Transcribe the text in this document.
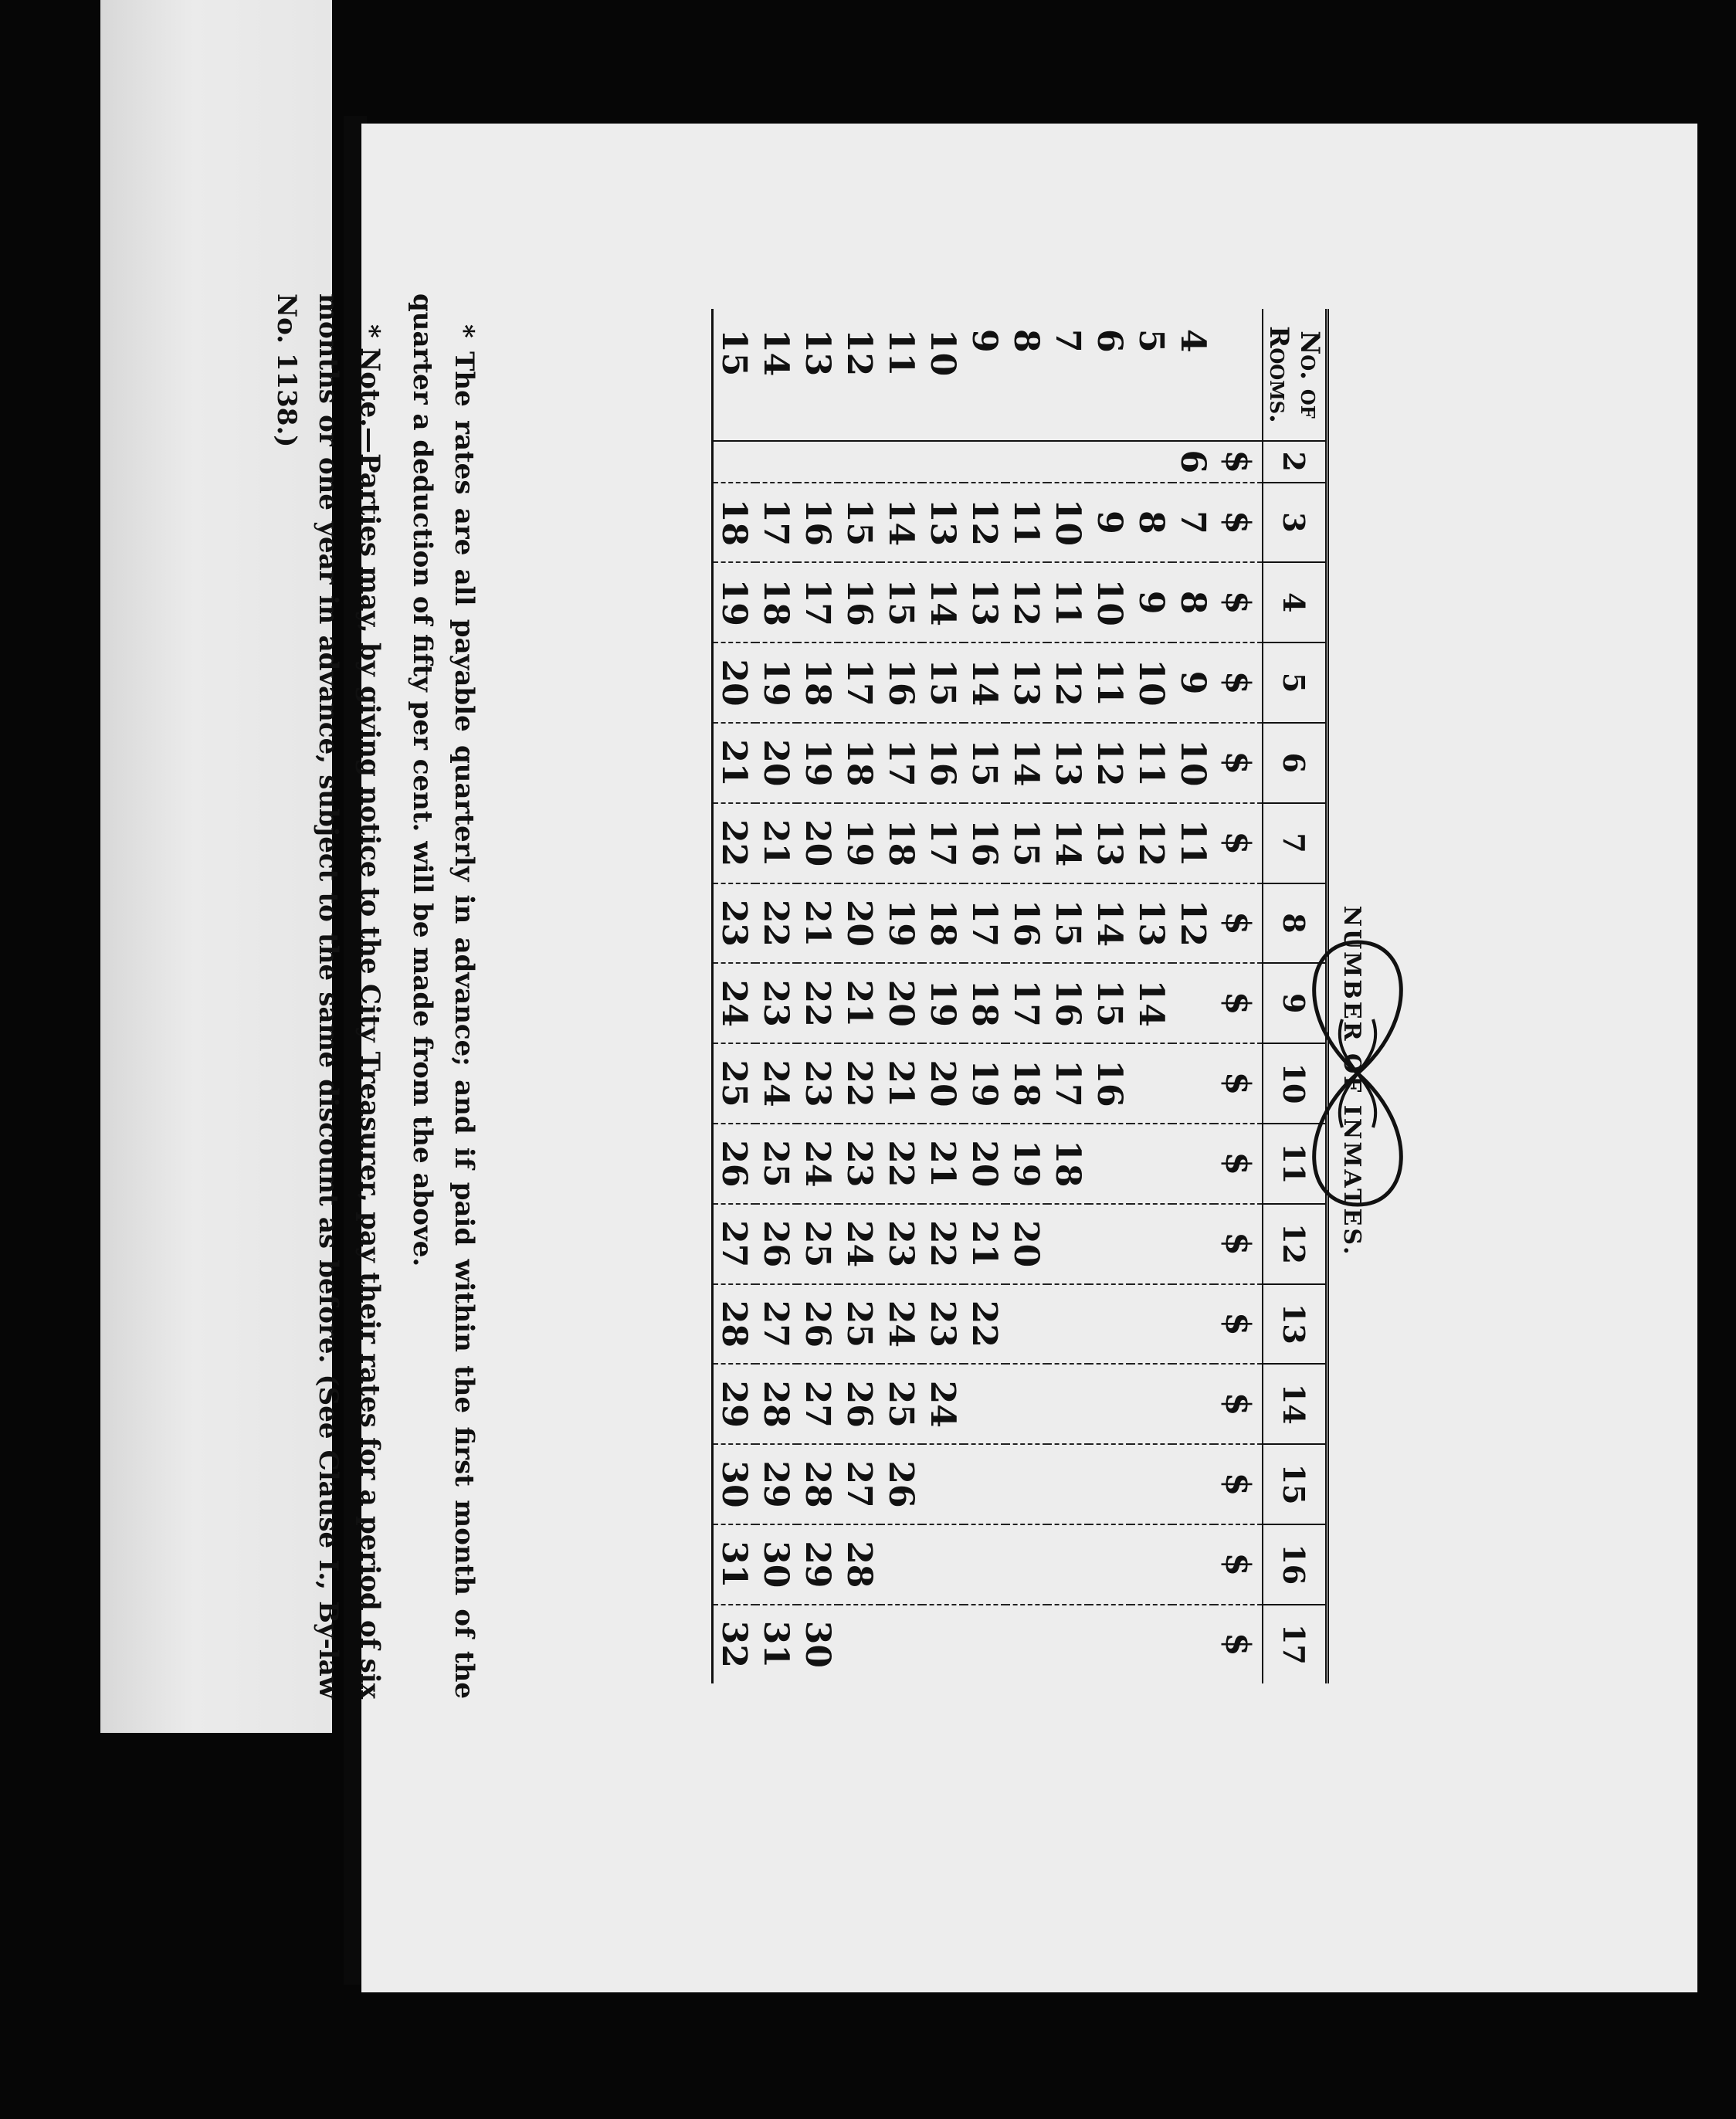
NUMBER OF INMATES.
No. of Rooms.	2	3	4	5	6	7	8	9	10	11	12	13	14	15	16	17
	$	$	$	$	$	$	$	$	$	$	$	$	$	$	$	$
4	6	7	8	9	10	11	12									
5		8	9	10	11	12	13	14								
6		9	10	11	12	13	14	15	16							
7		10	11	12	13	14	15	16	17	18						
8		11	12	13	14	15	16	17	18	19	20					
9		12	13	14	15	16	17	18	19	20	21	22				
10		13	14	15	16	17	18	19	20	21	22	23	24			
11		14	15	16	17	18	19	20	21	22	23	24	25	26		
12		15	16	17	18	19	20	21	22	23	24	25	26	27	28	
13		16	17	18	19	20	21	22	23	24	25	26	27	28	29	30
14		17	18	19	20	21	22	23	24	25	26	27	28	29	30	31
15		18	19	20	21	22	23	24	25	26	27	28	29	30	31	32

* The rates are all payable quarterly in advance; and if paid within the first month of the quarter a deduction of fifty per cent. will be made from the above.

* Note.—Parties may, by giving notice to the City Treasurer, pay their rates for a period of six months or one year in advance, subject to the same discount as before. (See Clause I., By-law No. 1138.)
